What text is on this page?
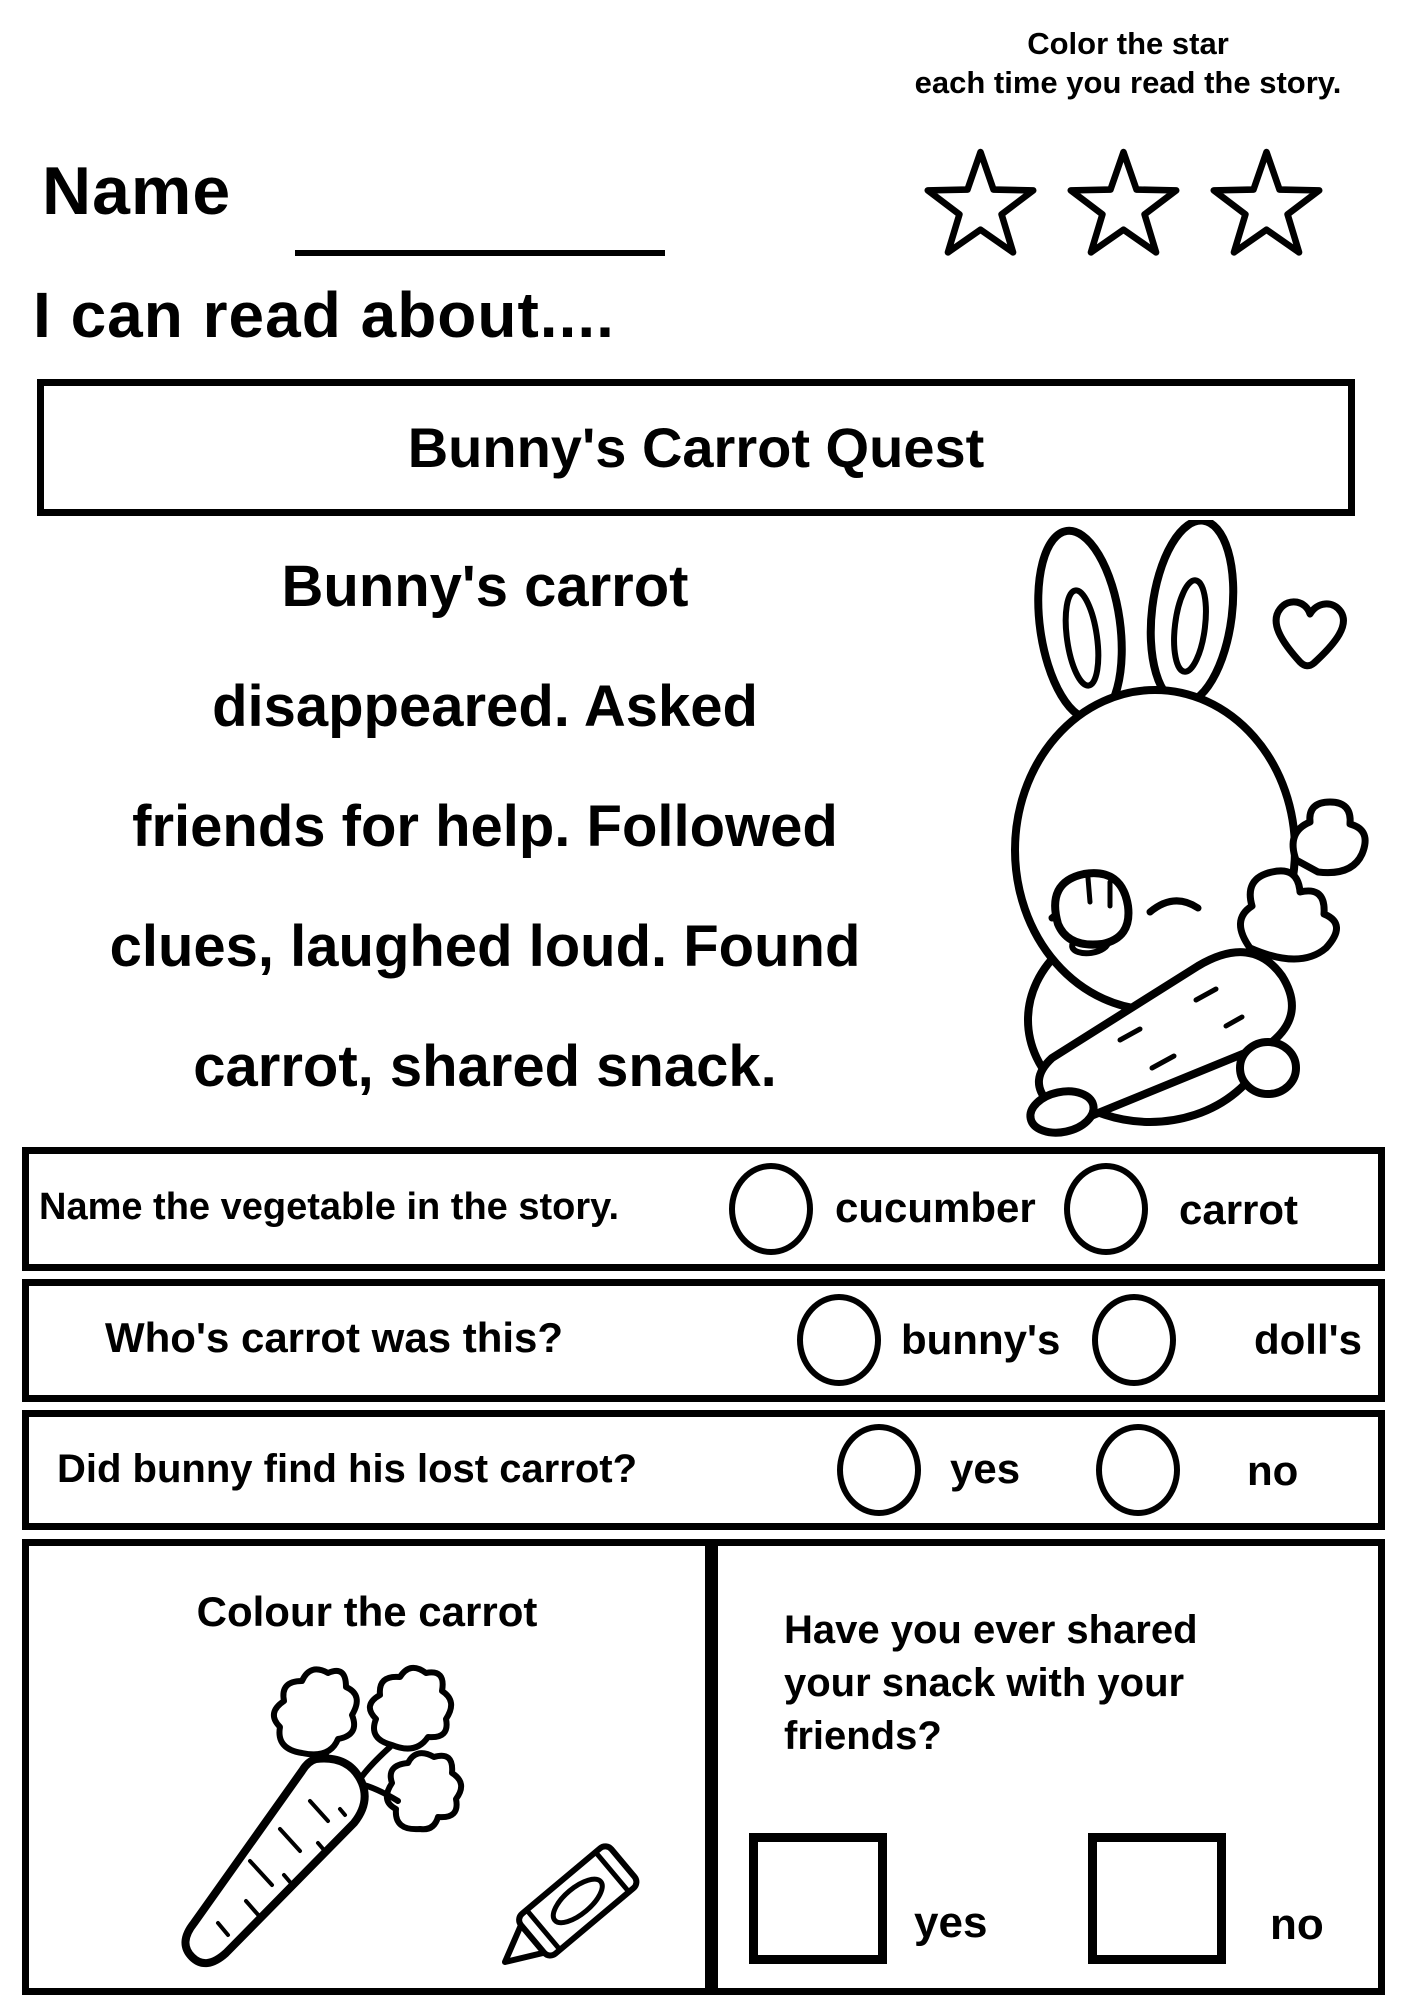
Name
Color the star
each time you read the story.
I can read about....
Bunny's Carrot Quest
Bunny's carrot
disappeared. Asked
friends for help. Followed
clues, laughed loud. Found
carrot, shared snack.
Name the vegetable in the story.	cucumber	carrot
Who's carrot was this?	bunny's	doll's
Did bunny find his lost carrot?	yes	no
Colour the carrot	Have you ever shared
your snack with your
friends?
yes	no
